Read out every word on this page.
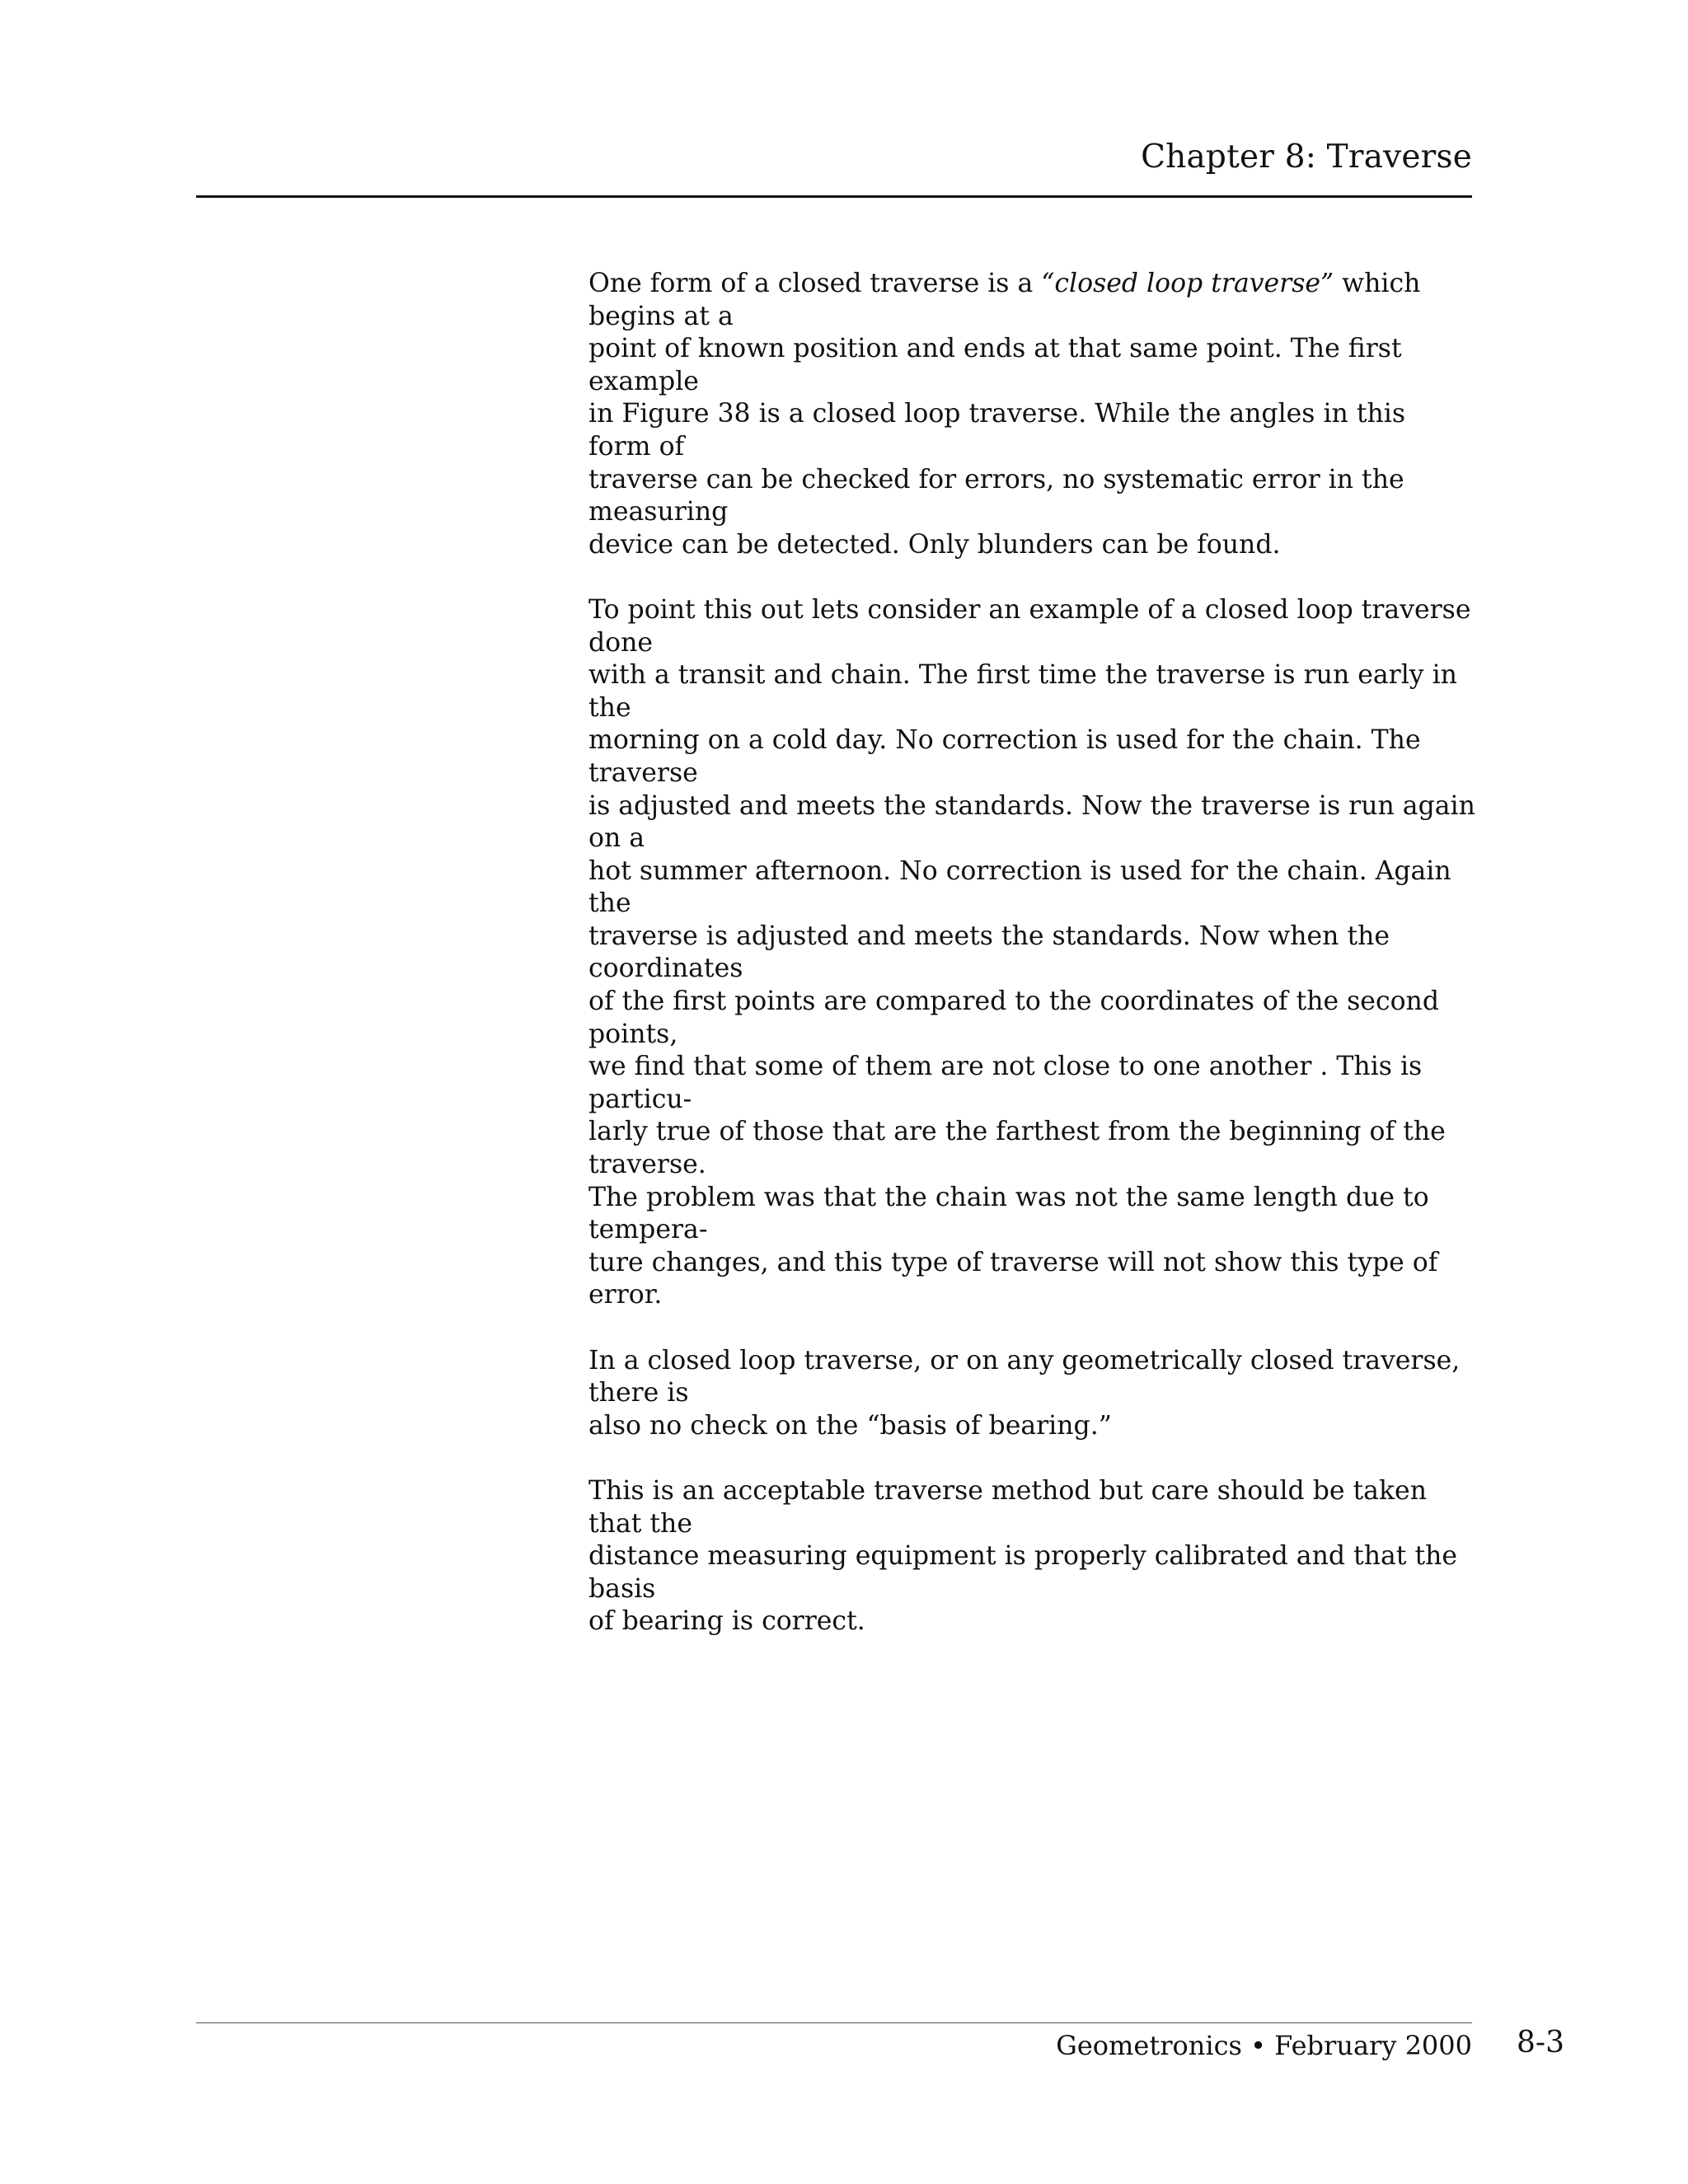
Chapter 8: Traverse

One form of a closed traverse is a “closed loop traverse” which begins at a
point of known position and ends at that same point. The first example
in Figure 38 is a closed loop traverse. While the angles in this form of
traverse can be checked for errors, no systematic error in the measuring
device can be detected. Only blunders can be found.

To point this out lets consider an example of a closed loop traverse done
with a transit and chain. The first time the traverse is run early in the
morning on a cold day. No correction is used for the chain. The traverse
is adjusted and meets the standards. Now the traverse is run again on a
hot summer afternoon. No correction is used for the chain. Again the
traverse is adjusted and meets the standards. Now when the coordinates
of the first points are compared to the coordinates of the second points,
we find that some of them are not close to one another . This is particu-
larly true of those that are the farthest from the beginning of the traverse.
The problem was that the chain was not the same length due to tempera-
ture changes, and this type of traverse will not show this type of error.

In a closed loop traverse, or on any geometrically closed traverse, there is
also no check on the “basis of bearing.”

This is an acceptable traverse method but care should be taken that the
distance measuring equipment is properly calibrated and that the basis
of bearing is correct.

Geometronics • February 2000 8-3
